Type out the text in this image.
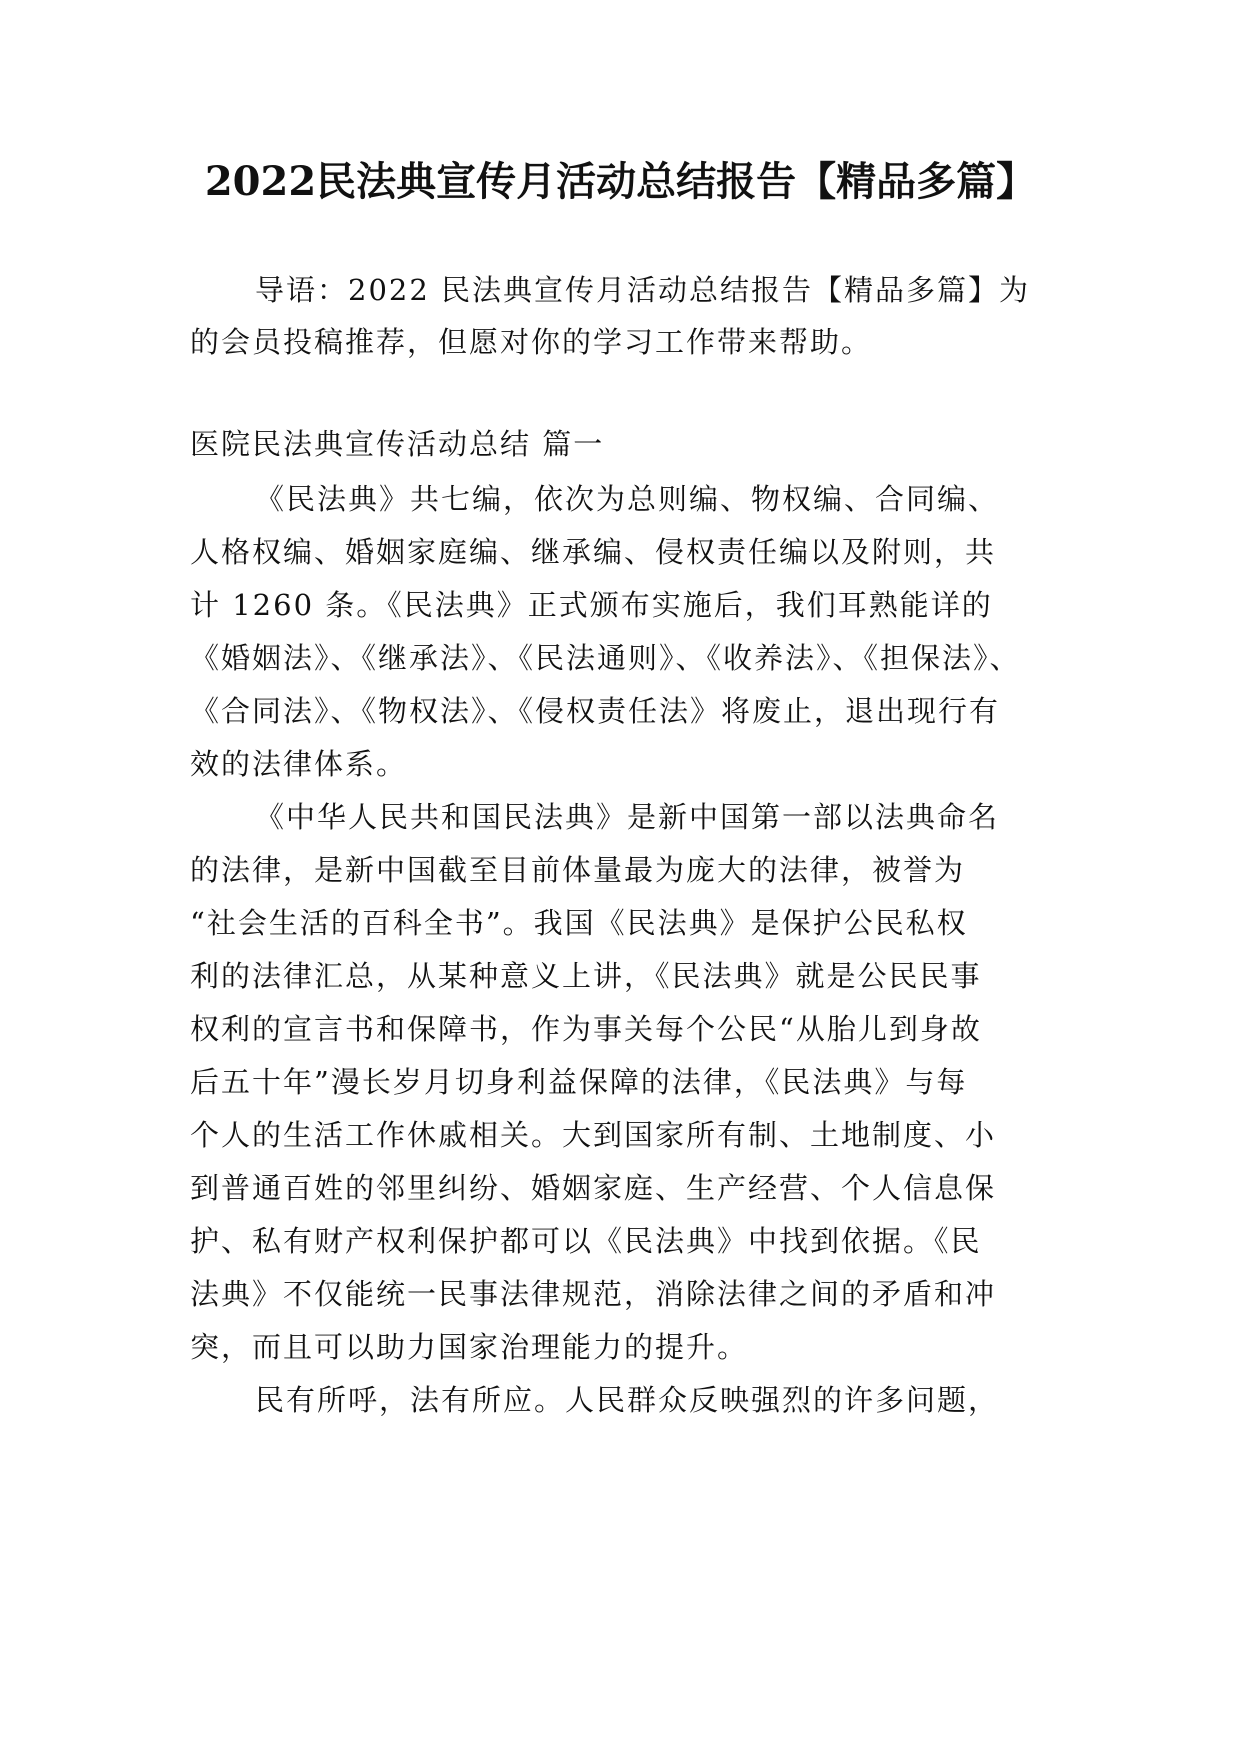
2022民法典宣传月活动总结报告【精品多篇】
导语：2022 民法典宣传月活动总结报告【精品多篇】为
的会员投稿推荐，但愿对你的学习工作带来帮助。
医院民法典宣传活动总结 篇一
《民法典》共七编，依次为总则编、物权编、合同编、
人格权编、婚姻家庭编、继承编、侵权责任编以及附则，共
计 1260 条。《民法典》正式颁布实施后，我们耳熟能详的
《婚姻法》、《继承法》、《民法通则》、《收养法》、《担保法》、
《合同法》、《物权法》、《侵权责任法》将废止，退出现行有
效的法律体系。
《中华人民共和国民法典》是新中国第一部以法典命名
的法律，是新中国截至目前体量最为庞大的法律，被誉为
“社会生活的百科全书”。我国《民法典》是保护公民私权
利的法律汇总，从某种意义上讲，《民法典》就是公民民事
权利的宣言书和保障书，作为事关每个公民“从胎儿到身故
后五十年”漫长岁月切身利益保障的法律，《民法典》与每
个人的生活工作休戚相关。大到国家所有制、土地制度、小
到普通百姓的邻里纠纷、婚姻家庭、生产经营、个人信息保
护、私有财产权利保护都可以《民法典》中找到依据。《民
法典》不仅能统一民事法律规范，消除法律之间的矛盾和冲
突，而且可以助力国家治理能力的提升。
民有所呼，法有所应。人民群众反映强烈的许多问题，
